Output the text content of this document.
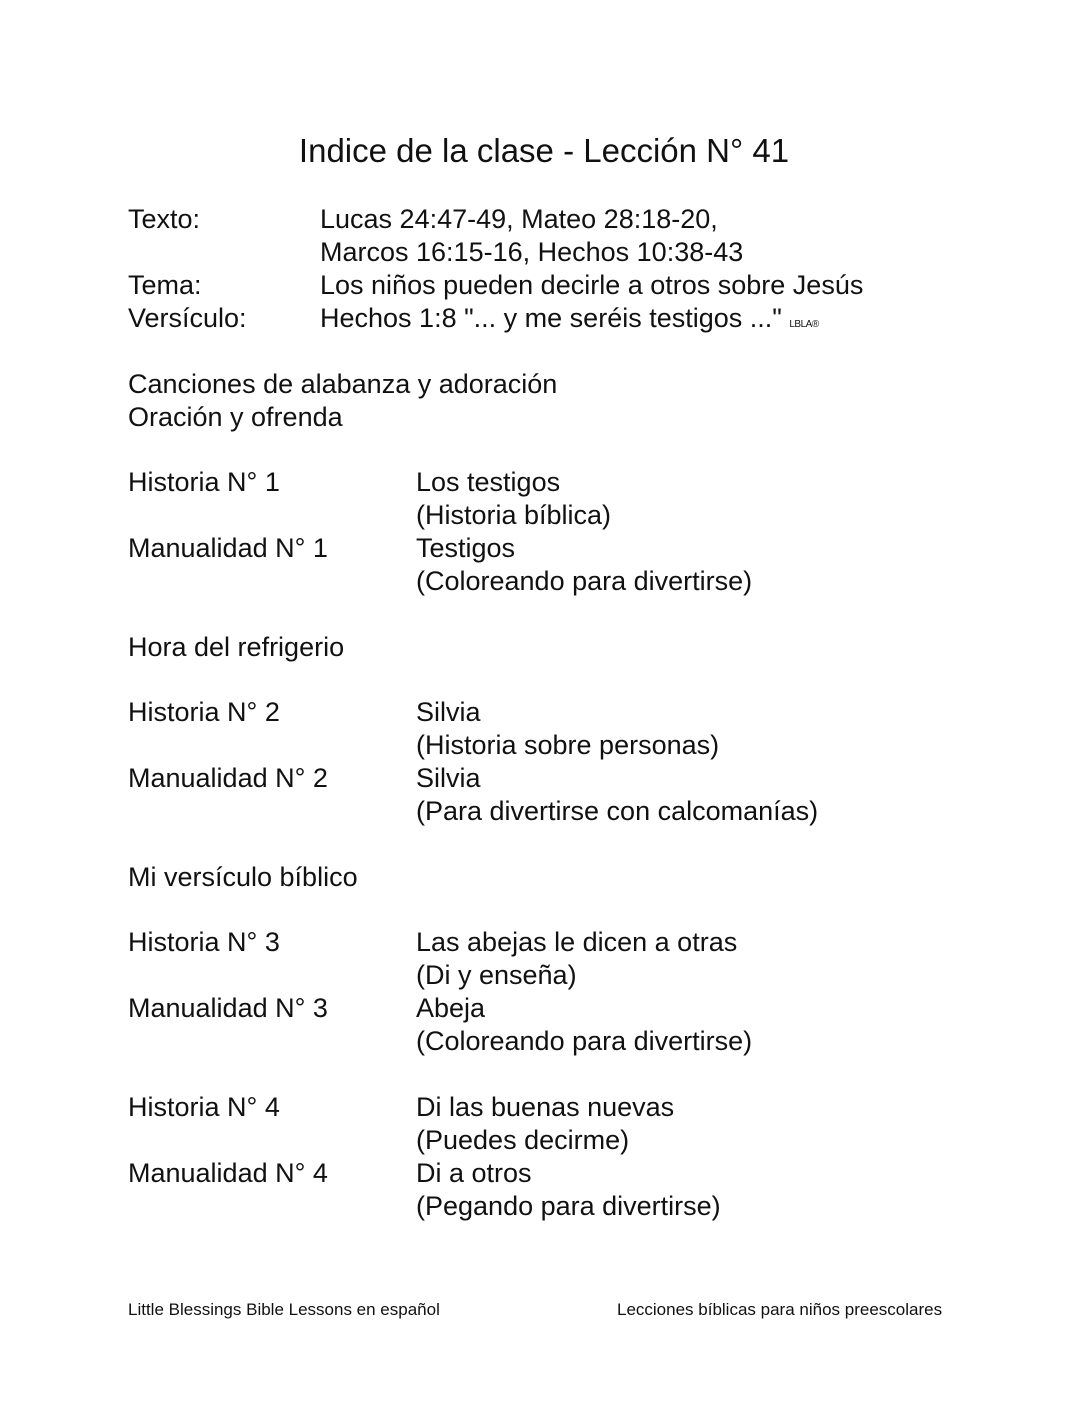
Indice de la clase - Lección N° 41
Texto:	Lucas 24:47-49, Mateo 28:18-20,
Marcos 16:15-16, Hechos 10:38-43
Tema:	Los niños pueden decirle a otros sobre Jesús
Versículo:	Hechos 1:8 "... y me seréis testigos ..." LBLA®
Canciones de alabanza y adoración
Oración y ofrenda
Historia N° 1	Los testigos
(Historia bíblica)
Manualidad N° 1	Testigos
(Coloreando para divertirse)
Hora del refrigerio
Historia N° 2	Silvia
(Historia sobre personas)
Manualidad N° 2	Silvia
(Para divertirse con calcomanías)
Mi versículo bíblico
Historia N° 3	Las abejas le dicen a otras
(Di y enseña)
Manualidad N° 3	Abeja
(Coloreando para divertirse)
Historia N° 4	Di las buenas nuevas
(Puedes decirme)
Manualidad N° 4	Di a otros
(Pegando para divertirse)
Little Blessings Bible Lessons en español	Lecciones bíblicas para niños preescolares
